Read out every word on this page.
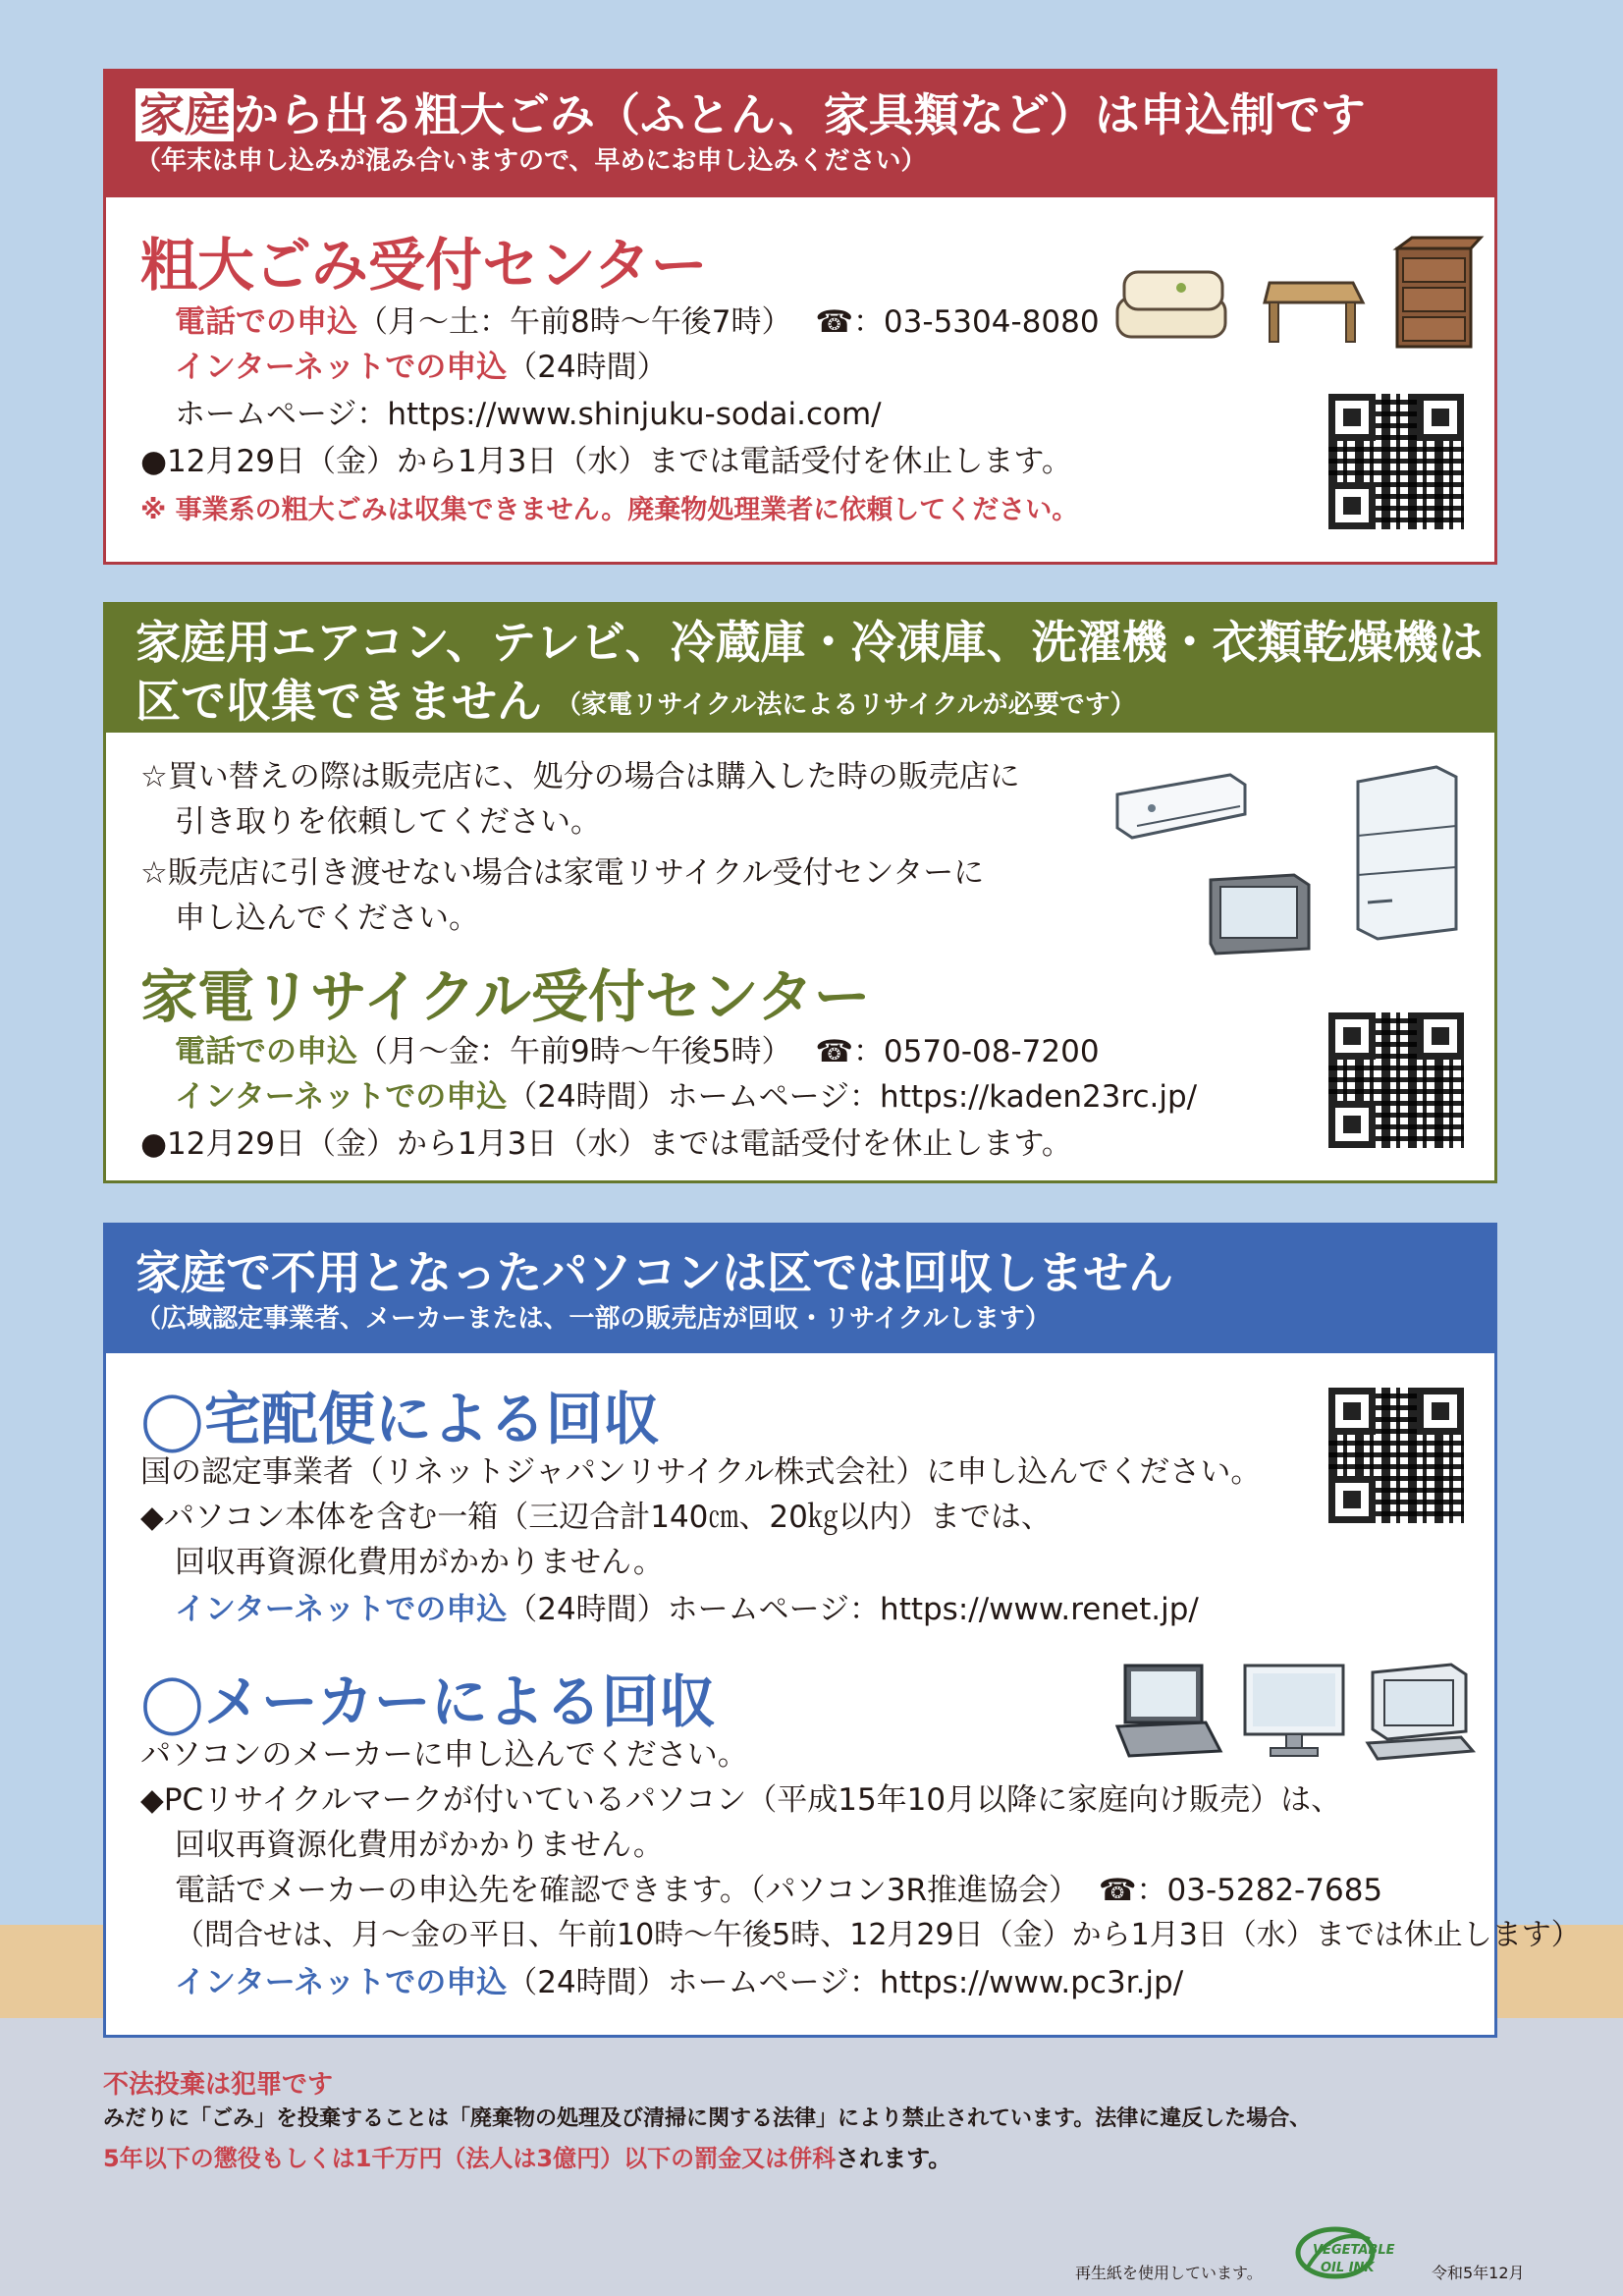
家庭から出る粗大ごみ（ふとん、家具類など）は申込制です
（年末は申し込みが混み合いますので、早めにお申し込みください）
粗大ごみ受付センター
電話での申込（月～土：午前8時～午後7時） ☎：03-5304-8080
インターネットでの申込（24時間）
ホームページ：https://www.shinjuku-sodai.com/
●12月29日（金）から1月3日（水）までは電話受付を休止します。
※ 事業系の粗大ごみは収集できません。廃棄物処理業者に依頼してください。
家庭用エアコン、テレビ、冷蔵庫・冷凍庫、洗濯機・衣類乾燥機は
区で収集できません （家電リサイクル法によるリサイクルが必要です）
☆買い替えの際は販売店に、処分の場合は購入した時の販売店に
引き取りを依頼してください。
☆販売店に引き渡せない場合は家電リサイクル受付センターに
申し込んでください。
家電リサイクル受付センター
電話での申込（月～金：午前9時～午後5時） ☎：0570-08-7200
インターネットでの申込（24時間）ホームページ：https://kaden23rc.jp/
●12月29日（金）から1月3日（水）までは電話受付を休止します。
家庭で不用となったパソコンは区では回収しません
（広域認定事業者、メーカーまたは、一部の販売店が回収・リサイクルします）
◯宅配便による回収
国の認定事業者（リネットジャパンリサイクル株式会社）に申し込んでください。
◆パソコン本体を含む一箱（三辺合計140㎝、20㎏以内）までは、
回収再資源化費用がかかりません。
インターネットでの申込（24時間）ホームページ：https://www.renet.jp/
◯メーカーによる回収
パソコンのメーカーに申し込んでください。
◆PCリサイクルマークが付いているパソコン（平成15年10月以降に家庭向け販売）は、
回収再資源化費用がかかりません。
電話でメーカーの申込先を確認できます。（パソコン3R推進協会） ☎：03-5282-7685
（問合せは、月～金の平日、午前10時～午後5時、12月29日（金）から1月3日（水）までは休止します）
インターネットでの申込（24時間）ホームページ：https://www.pc3r.jp/
不法投棄は犯罪です
みだりに「ごみ」を投棄することは「廃棄物の処理及び清掃に関する法律」により禁止されています。法律に違反した場合、
5年以下の懲役もしくは1千万円（法人は3億円）以下の罰金又は併科されます。
再生紙を使用しています。
VEGETABLE
OIL INK	令和5年12月
